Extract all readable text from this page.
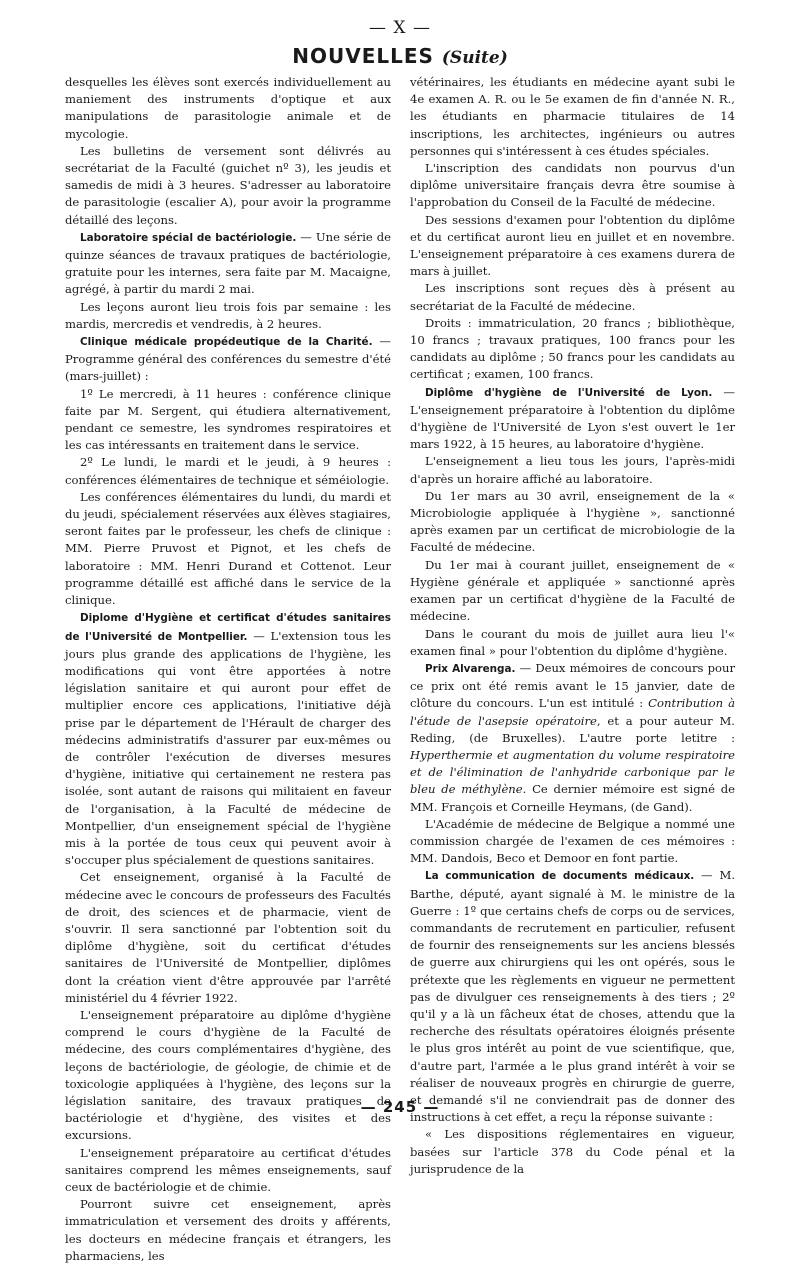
— X —
NOUVELLES (Suite)

desquelles les élèves sont exercés individuellement au maniement des instruments d'optique et aux manipulations de parasitologie animale et de mycologie.

Les bulletins de versement sont délivrés au secrétariat de la Faculté (guichet nº 3), les jeudis et samedis de midi à 3 heures. S'adresser au laboratoire de parasitologie (escalier A), pour avoir la programme détaillé des leçons.

Laboratoire spécial de bactériologie. — Une série de quinze séances de travaux pratiques de bactériologie, gratuite pour les internes, sera faite par M. Macaigne, agrégé, à partir du mardi 2 mai.

Les leçons auront lieu trois fois par semaine : les mardis, mercredis et vendredis, à 2 heures.

Clinique médicale propédeutique de la Charité. — Programme général des conférences du semestre d'été (mars-juillet) :

1º Le mercredi, à 11 heures : conférence clinique faite par M. Sergent, qui étudiera alternativement, pendant ce semestre, les syndromes respiratoires et les cas intéressants en traitement dans le service.

2º Le lundi, le mardi et le jeudi, à 9 heures : conférences élémentaires de technique et séméiologie.

Les conférences élémentaires du lundi, du mardi et du jeudi, spécialement réservées aux élèves stagiaires, seront faites par le professeur, les chefs de clinique : MM. Pierre Pruvost et Pignot, et les chefs de laboratoire : MM. Henri Durand et Cottenot. Leur programme détaillé est affiché dans le service de la clinique.

Diplome d'Hygiène et certificat d'études sanitaires de l'Université de Montpellier. — L'extension tous les jours plus grande des applications de l'hygiène, les modifications qui vont être apportées à notre législation sanitaire et qui auront pour effet de multiplier encore ces applications, l'initiative déjà prise par le département de l'Hérault de charger des médecins administratifs d'assurer par eux-mêmes ou de contrôler l'exécution de diverses mesures d'hygiène, initiative qui certainement ne restera pas isolée, sont autant de raisons qui militaient en faveur de l'organisation, à la Faculté de médecine de Montpellier, d'un enseignement spécial de l'hygiène mis à la portée de tous ceux qui peuvent avoir à s'occuper plus spécialement de questions sanitaires.

Cet enseignement, organisé à la Faculté de médecine avec le concours de professeurs des Facultés de droit, des sciences et de pharmacie, vient de s'ouvrir. Il sera sanctionné par l'obtention soit du diplôme d'hygiène, soit du certificat d'études sanitaires de l'Université de Montpellier, diplômes dont la création vient d'être approuvée par l'arrêté ministériel du 4 février 1922.

L'enseignement préparatoire au diplôme d'hygiène comprend le cours d'hygiène de la Faculté de médecine, des cours complémentaires d'hygiène, des leçons de bactériologie, de géologie, de chimie et de toxicologie appliquées à l'hygiène, des leçons sur la législation sanitaire, des travaux pratiques de bactériologie et d'hygiène, des visites et des excursions.

L'enseignement préparatoire au certificat d'études sanitaires comprend les mêmes enseignements, sauf ceux de bactériologie et de chimie.

Pourront suivre cet enseignement, après immatriculation et versement des droits y afférents, les docteurs en médecine français et étrangers, les pharmaciens, les

vétérinaires, les étudiants en médecine ayant subi le 4e examen A. R. ou le 5e examen de fin d'année N. R., les étudiants en pharmacie titulaires de 14 inscriptions, les architectes, ingénieurs ou autres personnes qui s'intéressent à ces études spéciales.

L'inscription des candidats non pourvus d'un diplôme universitaire français devra être soumise à l'approbation du Conseil de la Faculté de médecine.

Des sessions d'examen pour l'obtention du diplôme et du certificat auront lieu en juillet et en novembre. L'enseignement préparatoire à ces examens durera de mars à juillet.

Les inscriptions sont reçues dès à présent au secrétariat de la Faculté de médecine.

Droits : immatriculation, 20 francs ; bibliothèque, 10 francs ; travaux pratiques, 100 francs pour les candidats au diplôme ; 50 francs pour les candidats au certificat ; examen, 100 francs.

Diplôme d'hygiène de l'Université de Lyon. — L'enseignement préparatoire à l'obtention du diplôme d'hygiène de l'Université de Lyon s'est ouvert le 1er mars 1922, à 15 heures, au laboratoire d'hygiène.

L'enseignement a lieu tous les jours, l'après-midi d'après un horaire affiché au laboratoire.

Du 1er mars au 30 avril, enseignement de la « Microbiologie appliquée à l'hygiène », sanctionné après examen par un certificat de microbiologie de la Faculté de médecine.

Du 1er mai à courant juillet, enseignement de « Hygiène générale et appliquée » sanctionné après examen par un certificat d'hygiène de la Faculté de médecine.

Dans le courant du mois de juillet aura lieu l'« examen final » pour l'obtention du diplôme d'hygiène.

Prix Alvarenga. — Deux mémoires de concours pour ce prix ont été remis avant le 15 janvier, date de clôture du concours. L'un est intitulé : Contribution à l'étude de l'asepsie opératoire, et a pour auteur M. Reding, (de Bruxelles). L'autre porte letitre : Hyperthermie et augmentation du volume respiratoire et de l'élimination de l'anhydride carbonique par le bleu de méthylène. Ce dernier mémoire est signé de MM. François et Corneille Heymans, (de Gand).

L'Académie de médecine de Belgique a nommé une commission chargée de l'examen de ces mémoires : MM. Dandois, Beco et Demoor en font partie.

La communication de documents médicaux. — M. Barthe, député, ayant signalé à M. le ministre de la Guerre : 1º que certains chefs de corps ou de services, commandants de recrutement en particulier, refusent de fournir des renseignements sur les anciens blessés de guerre aux chirurgiens qui les ont opérés, sous le prétexte que les règlements en vigueur ne permettent pas de divulguer ces renseignements à des tiers ; 2º qu'il y a là un fâcheux état de choses, attendu que la recherche des résultats opératoires éloignés présente le plus gros intérêt au point de vue scientifique, que, d'autre part, l'armée a le plus grand intérêt à voir se réaliser de nouveaux progrès en chirurgie de guerre, et demandé s'il ne conviendrait pas de donner des instructions à cet effet, a reçu la réponse suivante :

« Les dispositions réglementaires en vigueur, basées sur l'article 378 du Code pénal et la jurisprudence de la

— 245 —
